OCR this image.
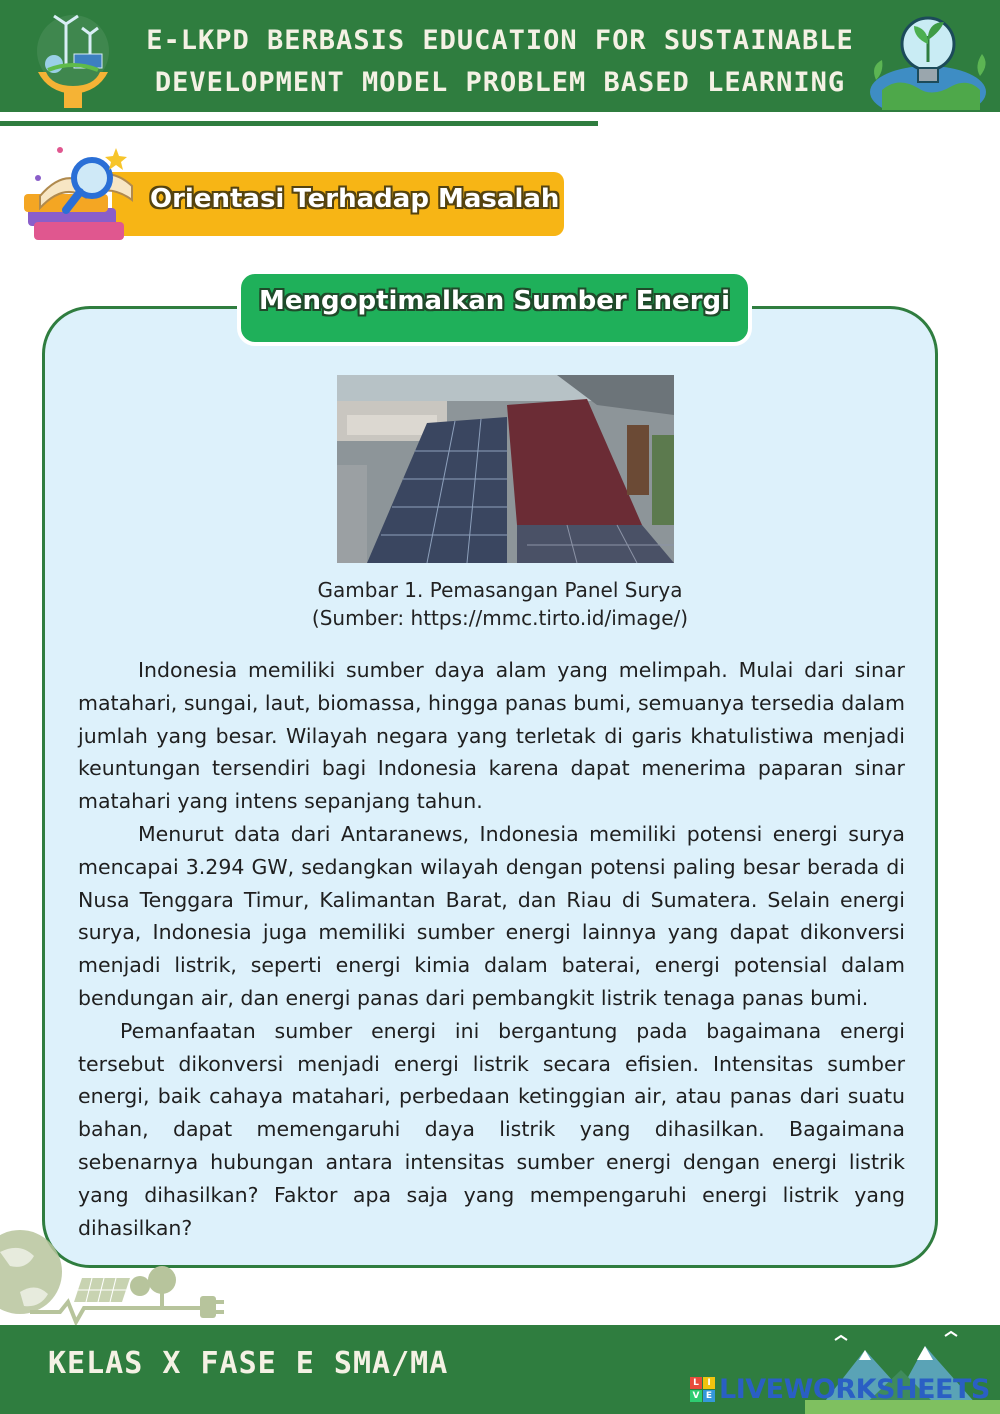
E-LKPD BERBASIS EDUCATION FOR SUSTAINABLE
DEVELOPMENT MODEL PROBLEM BASED LEARNING
Orientasi Terhadap Masalah
Mengoptimalkan Sumber Energi
Gambar 1. Pemasangan Panel Surya
(Sumber: https://mmc.tirto.id/image/)

Indonesia memiliki sumber daya alam yang melimpah. Mulai dari sinar matahari, sungai, laut, biomassa, hingga panas bumi, semuanya tersedia dalam jumlah yang besar. Wilayah negara yang terletak di garis khatulistiwa menjadi keuntungan tersendiri bagi Indonesia karena dapat menerima paparan sinar matahari yang intens sepanjang tahun.

Menurut data dari Antaranews, Indonesia memiliki potensi energi surya mencapai 3.294 GW, sedangkan wilayah dengan potensi paling besar berada di Nusa Tenggara Timur, Kalimantan Barat, dan Riau di Sumatera. Selain energi surya, Indonesia juga memiliki sumber energi lainnya yang dapat dikonversi menjadi listrik, seperti energi kimia dalam baterai, energi potensial dalam bendungan air, dan energi panas dari pembangkit listrik tenaga panas bumi.

Pemanfaatan sumber energi ini bergantung pada bagaimana energi tersebut dikonversi menjadi energi listrik secara efisien. Intensitas sumber energi, baik cahaya matahari, perbedaan ketinggian air, atau panas dari suatu bahan, dapat memengaruhi daya listrik yang dihasilkan. Bagaimana sebenarnya hubungan antara intensitas sumber energi dengan energi listrik yang dihasilkan? Faktor apa saja yang mempengaruhi energi listrik yang dihasilkan?

KELAS X FASE E SMA/MA
L I
V E LIVEWORKSHEETS
